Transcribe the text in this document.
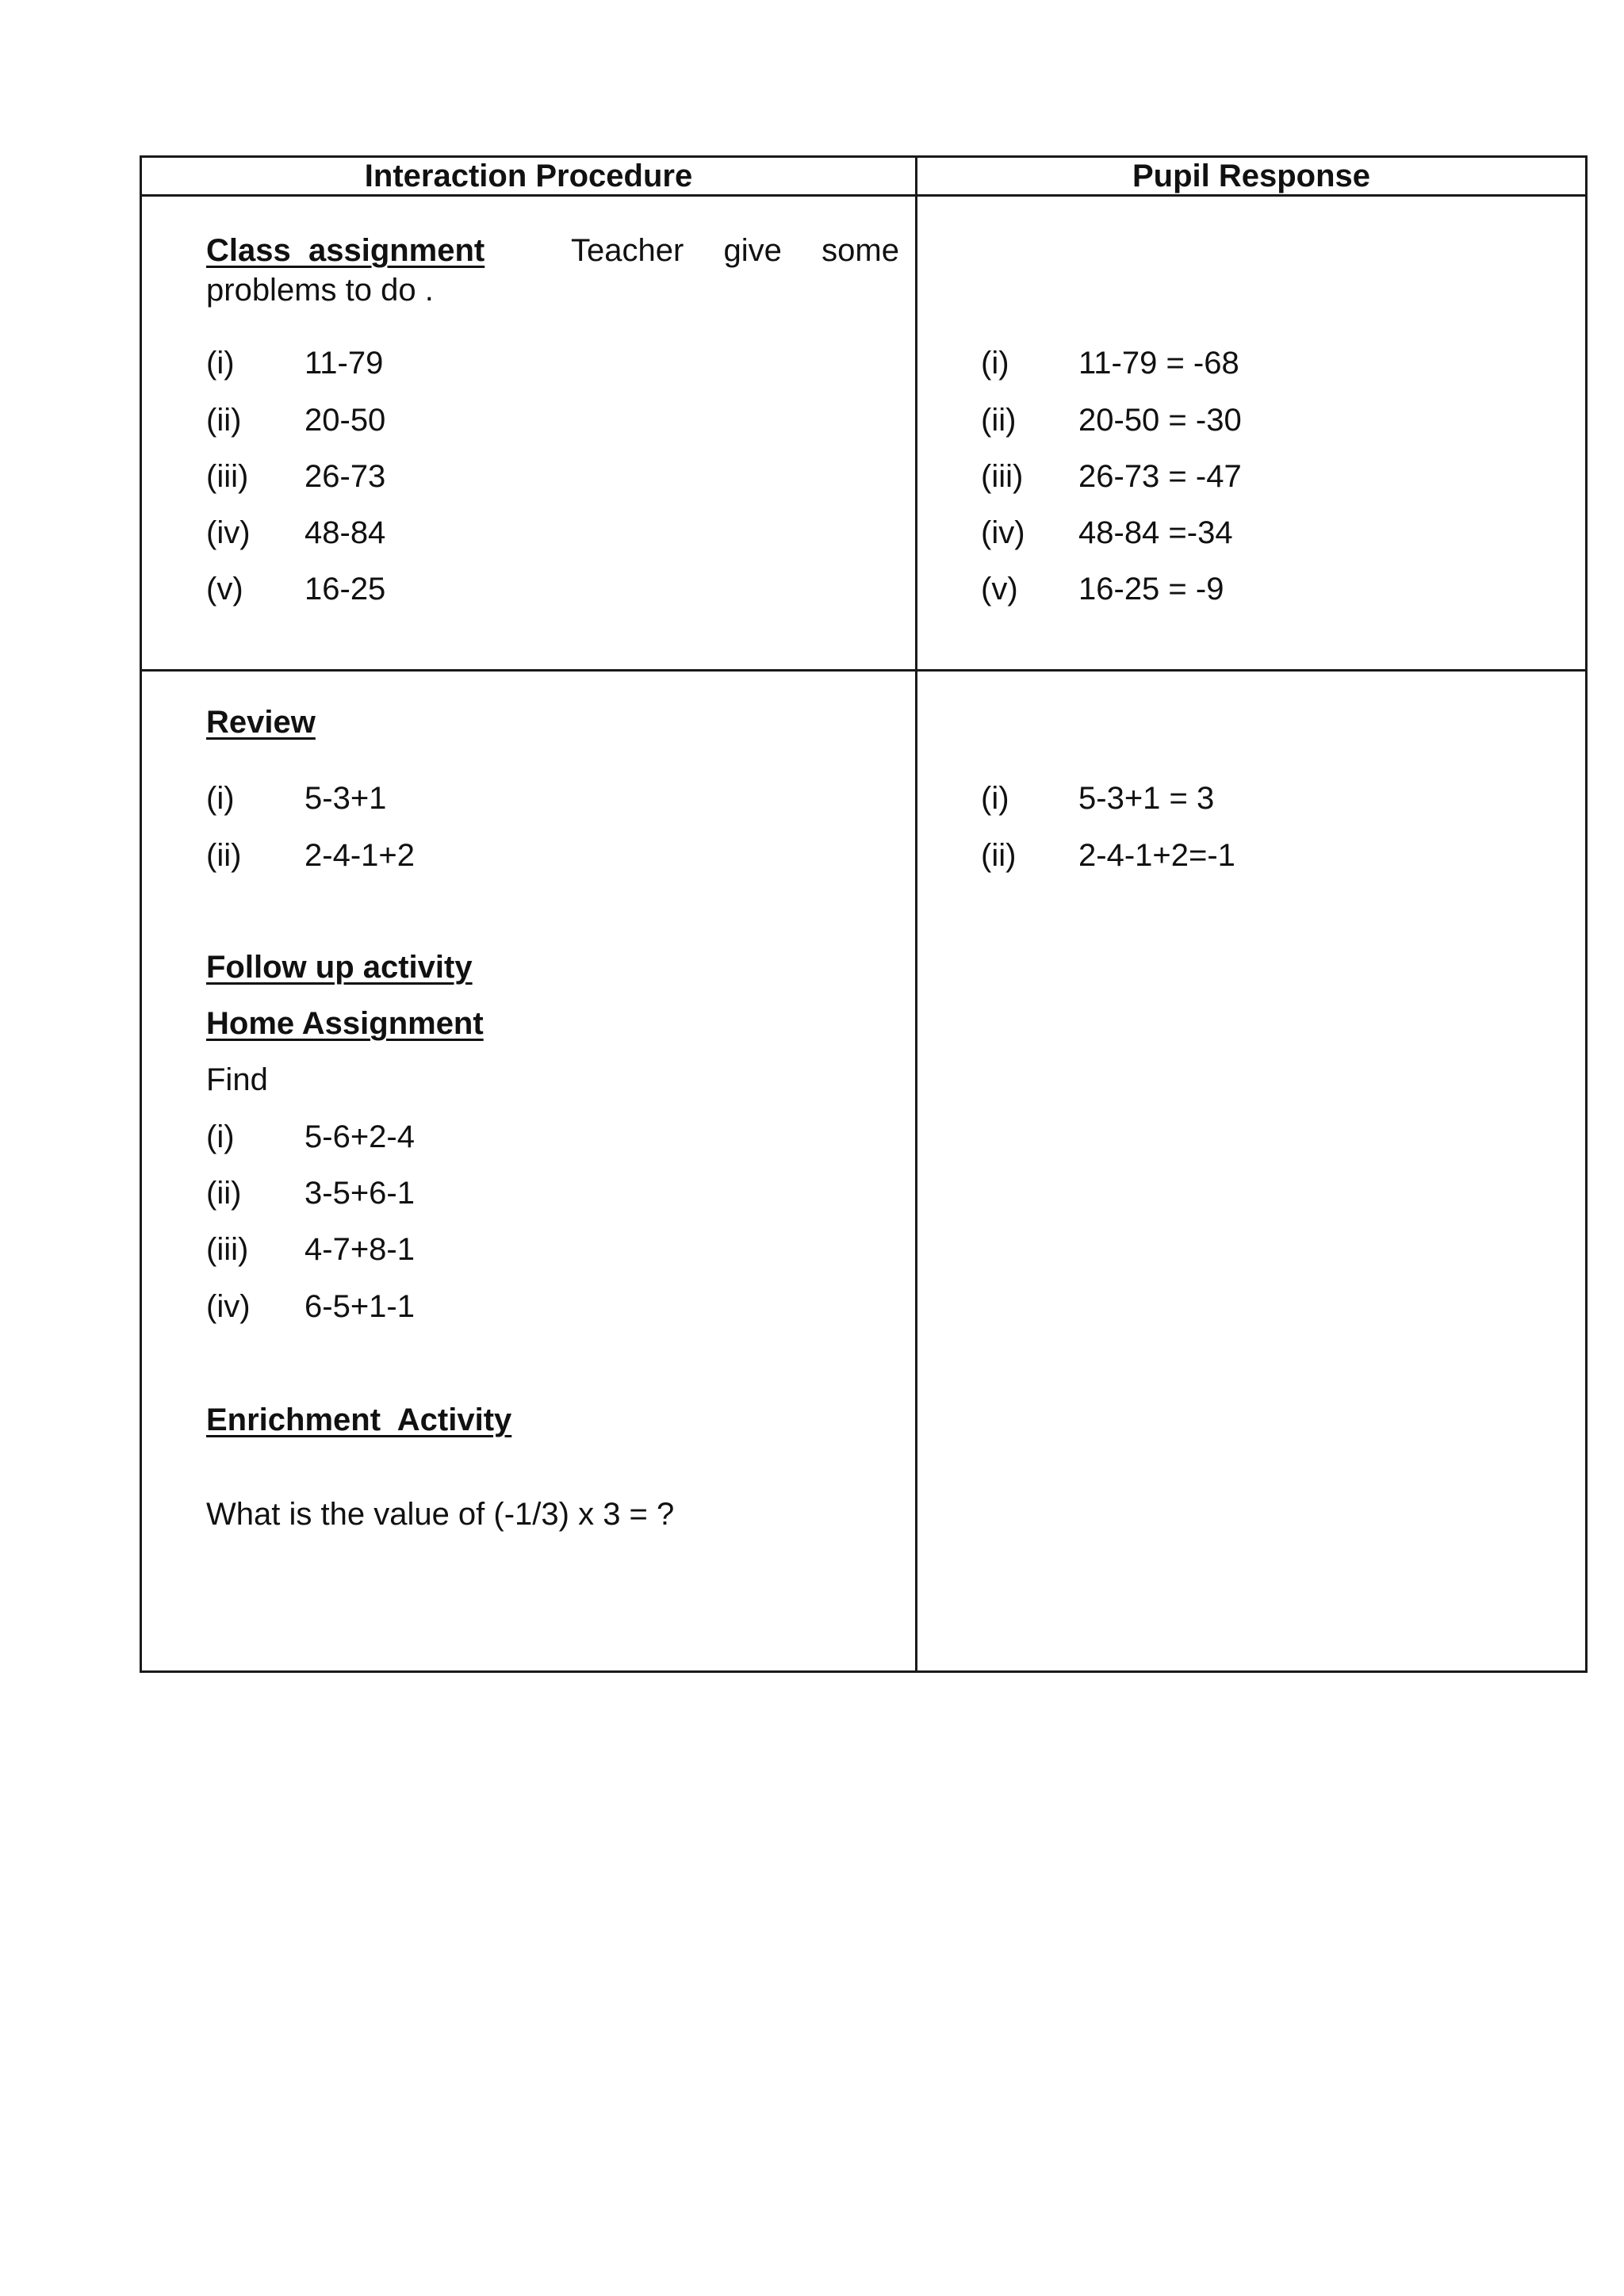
Interaction Procedure	Pupil Response
Class  assignment	Teacher give some
problems to do .
(i) 11-79
(ii) 20-50
(iii) 26-73
(iv) 48-84
(v) 16-25
(i) 11-79 = -68
(ii) 20-50 = -30
(iii) 26-73 = -47
(iv) 48-84 =-34
(v) 16-25 = -9
Review
(i) 5-3+1
(ii) 2-4-1+2
(i) 5-3+1 = 3
(ii) 2-4-1+2=-1
Follow up activity
Home Assignment
Find
(i) 5-6+2-4
(ii) 3-5+6-1
(iii) 4-7+8-1
(iv) 6-5+1-1
Enrichment  Activity
What is the value of (-1/3) x 3 = ?
